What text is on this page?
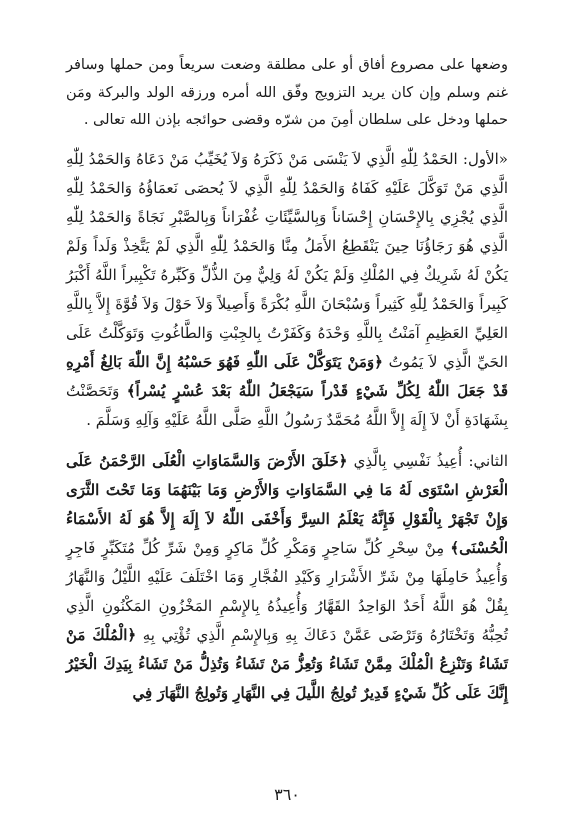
وضعها على مصروع أفاق أو على مطلقة وضعت سريعاً ومن حملها وسافر غنم وسلم وإن كان يريد التزويج وفّق الله أمره ورزقه الولد والبركة ومَن حملها ودخل على سلطان أمِنَ من شرّه وقضى حوائجه بإذن الله تعالى .

«الأول: الحَمْدُ لِلّٰهِ الَّذِي لاَ يَنْسَى مَنْ ذَكَرَهُ وَلاَ يُخَيِّبُ مَنْ دَعَاهُ وَالحَمْدُ لِلّٰهِ الَّذِي مَنْ تَوَكَّلَ عَلَيْهِ كَفَاهُ وَالحَمْدُ لِلّٰهِ الَّذِي لاَ يُحصَى نَعمَاؤُهُ وَالحَمْدُ لِلّٰهِ الَّذِي يُجْزِي بِالإِحْسَانِ إِحْسَاناً وَبِالسَّيِّئَاتِ غُفْرَاناً وَبِالصَّبْرِ نَجَاةً وَالحَمْدُ لِلّٰهِ الَّذِي هُوَ رَجَاؤُنَا حِينَ يَنْقَطِعُ الأَمَلُ مِنَّا وَالحَمْدُ لِلّٰهِ الَّذِي لَمْ يَتَّخِذْ وَلَداً وَلَمْ يَكُنْ لَهُ شَرِيكٌ فِي المُلْكِ وَلَمْ يَكُنْ لَهُ وَلِيٌّ مِنَ الذُّلِّ وَكَبِّرهُ تَكْبِيراً اللَّهُ أَكْبَرُ كَبِيراً وَالحَمْدُ لِلّٰهِ كَثِيراً وَسُبْحَانَ اللَّهِ بُكْرَةً وَأَصِيلاً وَلاَ حَوْلَ وَلاَ قُوَّةَ إِلاَّ بِاللَّهِ العَلِيِّ العَظِيمِ آمَنْتُ بِاللَّهِ وَحْدَهُ وَكَفَرْتُ بِالجِبْتِ وَالطَّاغُوتِ وَتَوَكَّلْتُ عَلَى الحَيِّ الَّذِي لاَ يَمُوتُ ﴿وَمَنْ يَتَوَكَّلْ عَلَى اللّٰهِ فَهُوَ حَسْبُهُ إِنَّ اللّٰهَ بَالِغُ أَمْرِهِ قَدْ جَعَلَ اللّٰهُ لِكُلِّ شَيْءٍ قَدْراً سَيَجْعَلُ اللّٰهُ بَعْدَ عُسْرٍ يُسْراً﴾ وَتَحَصَّنْتُ بِشَهَادَةِ أَنْ لاَ إِلَهَ إِلاَّ اللَّهُ مُحَمَّدٌ رَسُولُ اللَّهِ صَلَّى اللَّهُ عَلَيْهِ وَآلِهِ وَسَلَّمَ .

الثاني: أُعِيذُ نَفْسِي بِالَّذِي ﴿خَلَقَ الأَرْضَ وَالسَّمَاوَاتِ الْعُلَى الرَّحْمَنُ عَلَى الْعَرْشِ اسْتَوَى لَهُ مَا فِي السَّمَاوَاتِ وَالأَرْضِ وَمَا بَيْنَهُمَا وَمَا تَحْتَ الثَّرَى وَإِنْ تَجْهَرْ بِالْقَوْلِ فَإِنَّهُ يَعْلَمُ السِرَّ وَأَخْفَى اللّٰهُ لاَ إِلَهَ إِلاَّ هُوَ لَهُ الأَسْمَاءُ الْحُسْنَى﴾ مِنْ سِحْرِ كُلِّ سَاحِرٍ وَمَكْرِ كُلِّ مَاكِرٍ وَمِنْ شَرِّ كُلِّ مُتَكَبِّرٍ فَاجِرٍ وَأُعِيذُ حَامِلَهَا مِنْ شَرِّ الأَشْرَارِ وَكَيْدِ الفُجَّارِ وَمَا اخْتَلَفَ عَلَيْهِ اللَّيْلُ وَالنَّهَارُ بِقُلْ هُوَ اللَّهُ أَحَدٌ الوَاحِدُ القَهَّارُ وَأُعِيذُهُ بِالإِسْمِ المَخْزُونِ المَكْنُونِ الَّذِي تُحِبُّهُ وَتَخْتَارُهُ وَتَرْضَى عَمَّنْ دَعَاكَ بِهِ وَبِالإِسْمِ الَّذِي تُؤْتِي بِهِ ﴿الْمُلْكَ مَنْ تَشَاءُ وَتَنْزِعُ الْمُلْكَ مِمَّنْ تَشَاءُ وَتُعِزُّ مَنْ تَشَاءُ وَتُذِلُّ مَنْ تَشَاءُ بِيَدِكَ الْخَيْرُ إِنَّكَ عَلَى كُلِّ شَيْءٍ قَدِيرٌ تُولِجُ اللَّيلَ فِي النَّهَارِ وَتُولِجُ النَّهَارَ فِي

٣٦٠
